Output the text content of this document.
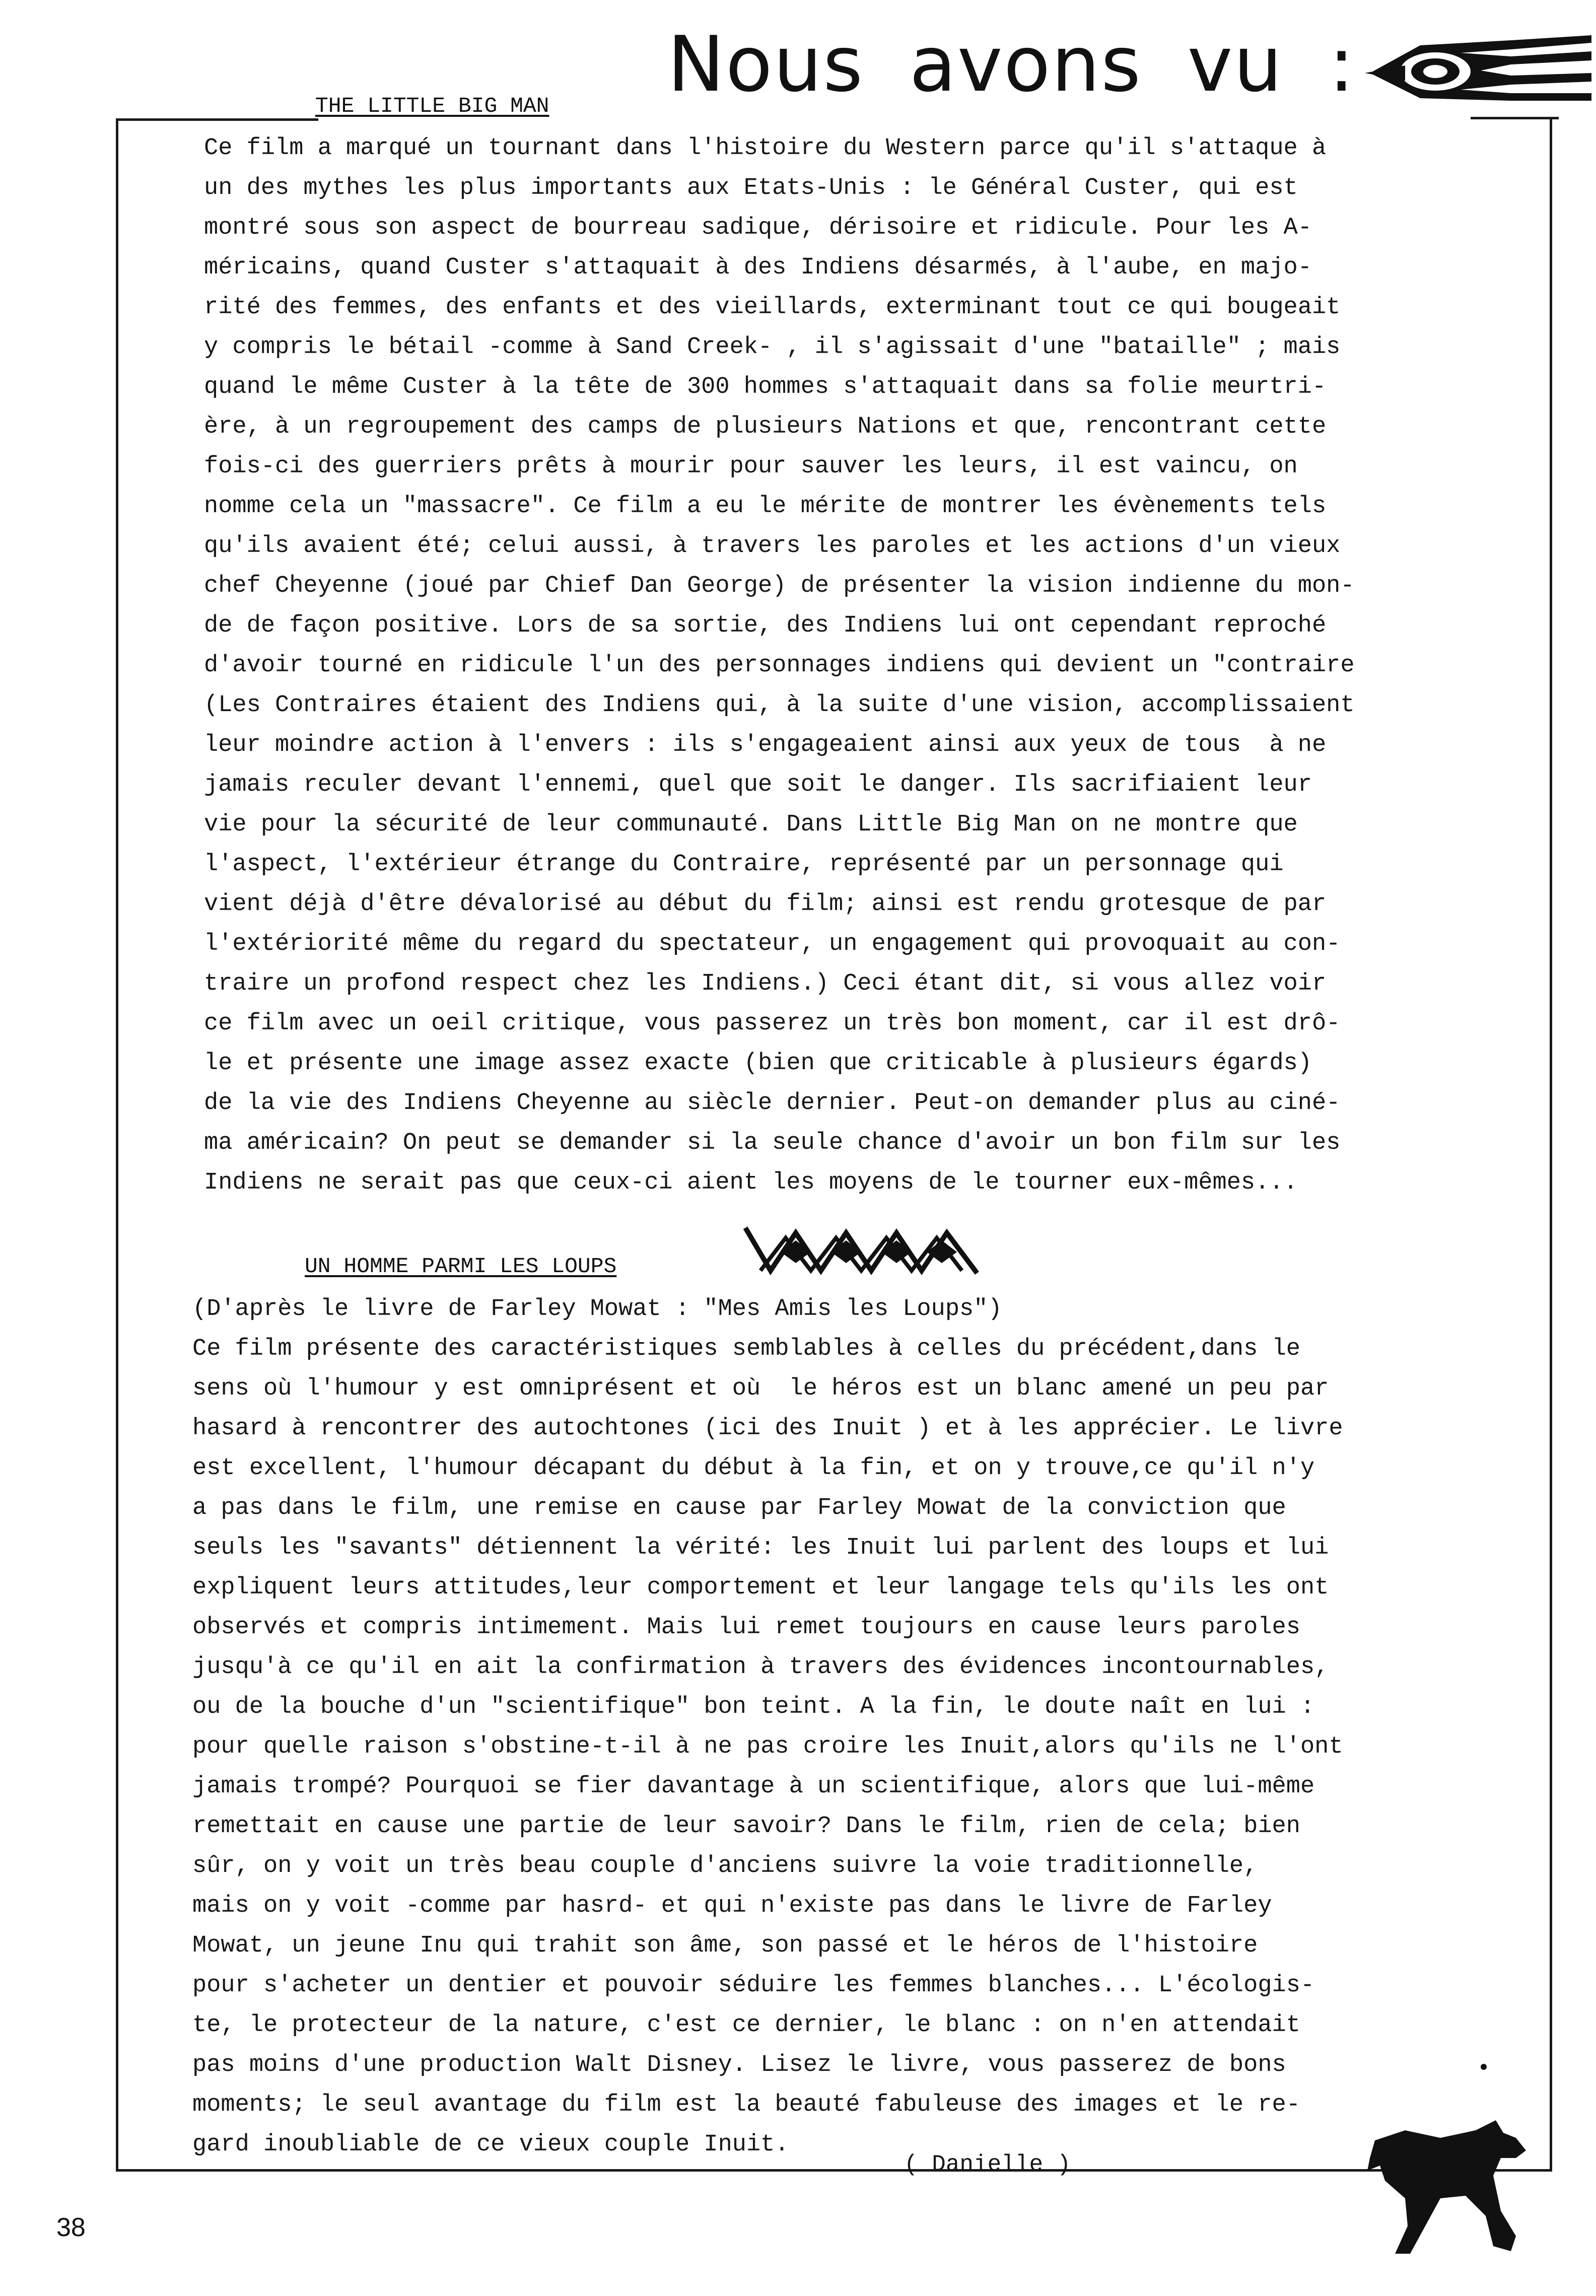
Nous avons vu :
THE LITTLE BIG MAN
Ce film a marqué un tournant dans l'histoire du Western parce qu'il s'attaque à
un des mythes les plus importants aux Etats-Unis : le Général Custer, qui est
montré sous son aspect de bourreau sadique, dérisoire et ridicule. Pour les A-
méricains, quand Custer s'attaquait à des Indiens désarmés, à l'aube, en majo-
rité des femmes, des enfants et des vieillards, exterminant tout ce qui bougeait
y compris le bétail -comme à Sand Creek- , il s'agissait d'une "bataille" ; mais
quand le même Custer à la tête de 300 hommes s'attaquait dans sa folie meurtri-
ère, à un regroupement des camps de plusieurs Nations et que, rencontrant cette
fois-ci des guerriers prêts à mourir pour sauver les leurs, il est vaincu, on
nomme cela un "massacre". Ce film a eu le mérite de montrer les évènements tels
qu'ils avaient été; celui aussi, à travers les paroles et les actions d'un vieux
chef Cheyenne (joué par Chief Dan George) de présenter la vision indienne du mon-
de de façon positive. Lors de sa sortie, des Indiens lui ont cependant reproché
d'avoir tourné en ridicule l'un des personnages indiens qui devient un "contraire
(Les Contraires étaient des Indiens qui, à la suite d'une vision, accomplissaient
leur moindre action à l'envers : ils s'engageaient ainsi aux yeux de tous  à ne
jamais reculer devant l'ennemi, quel que soit le danger. Ils sacrifiaient leur
vie pour la sécurité de leur communauté. Dans Little Big Man on ne montre que
l'aspect, l'extérieur étrange du Contraire, représenté par un personnage qui
vient déjà d'être dévalorisé au début du film; ainsi est rendu grotesque de par
l'extériorité même du regard du spectateur, un engagement qui provoquait au con-
traire un profond respect chez les Indiens.) Ceci étant dit, si vous allez voir
ce film avec un oeil critique, vous passerez un très bon moment, car il est drô-
le et présente une image assez exacte (bien que criticable à plusieurs égards)
de la vie des Indiens Cheyenne au siècle dernier. Peut-on demander plus au ciné-
ma américain? On peut se demander si la seule chance d'avoir un bon film sur les
Indiens ne serait pas que ceux-ci aient les moyens de le tourner eux-mêmes...
UN HOMME PARMI LES LOUPS
(D'après le livre de Farley Mowat : "Mes Amis les Loups")
Ce film présente des caractéristiques semblables à celles du précédent,dans le
sens où l'humour y est omniprésent et où  le héros est un blanc amené un peu par
hasard à rencontrer des autochtones (ici des Inuit ) et à les apprécier. Le livre
est excellent, l'humour décapant du début à la fin, et on y trouve,ce qu'il n'y
a pas dans le film, une remise en cause par Farley Mowat de la conviction que
seuls les "savants" détiennent la vérité: les Inuit lui parlent des loups et lui
expliquent leurs attitudes,leur comportement et leur langage tels qu'ils les ont
observés et compris intimement. Mais lui remet toujours en cause leurs paroles
jusqu'à ce qu'il en ait la confirmation à travers des évidences incontournables,
ou de la bouche d'un "scientifique" bon teint. A la fin, le doute naît en lui :
pour quelle raison s'obstine-t-il à ne pas croire les Inuit,alors qu'ils ne l'ont
jamais trompé? Pourquoi se fier davantage à un scientifique, alors que lui-même
remettait en cause une partie de leur savoir? Dans le film, rien de cela; bien
sûr, on y voit un très beau couple d'anciens suivre la voie traditionnelle,
mais on y voit -comme par hasrd- et qui n'existe pas dans le livre de Farley
Mowat, un jeune Inu qui trahit son âme, son passé et le héros de l'histoire
pour s'acheter un dentier et pouvoir séduire les femmes blanches... L'écologis-
te, le protecteur de la nature, c'est ce dernier, le blanc : on n'en attendait
pas moins d'une production Walt Disney. Lisez le livre, vous passerez de bons
moments; le seul avantage du film est la beauté fabuleuse des images et le re-
gard inoubliable de ce vieux couple Inuit.
( Danielle )
38
